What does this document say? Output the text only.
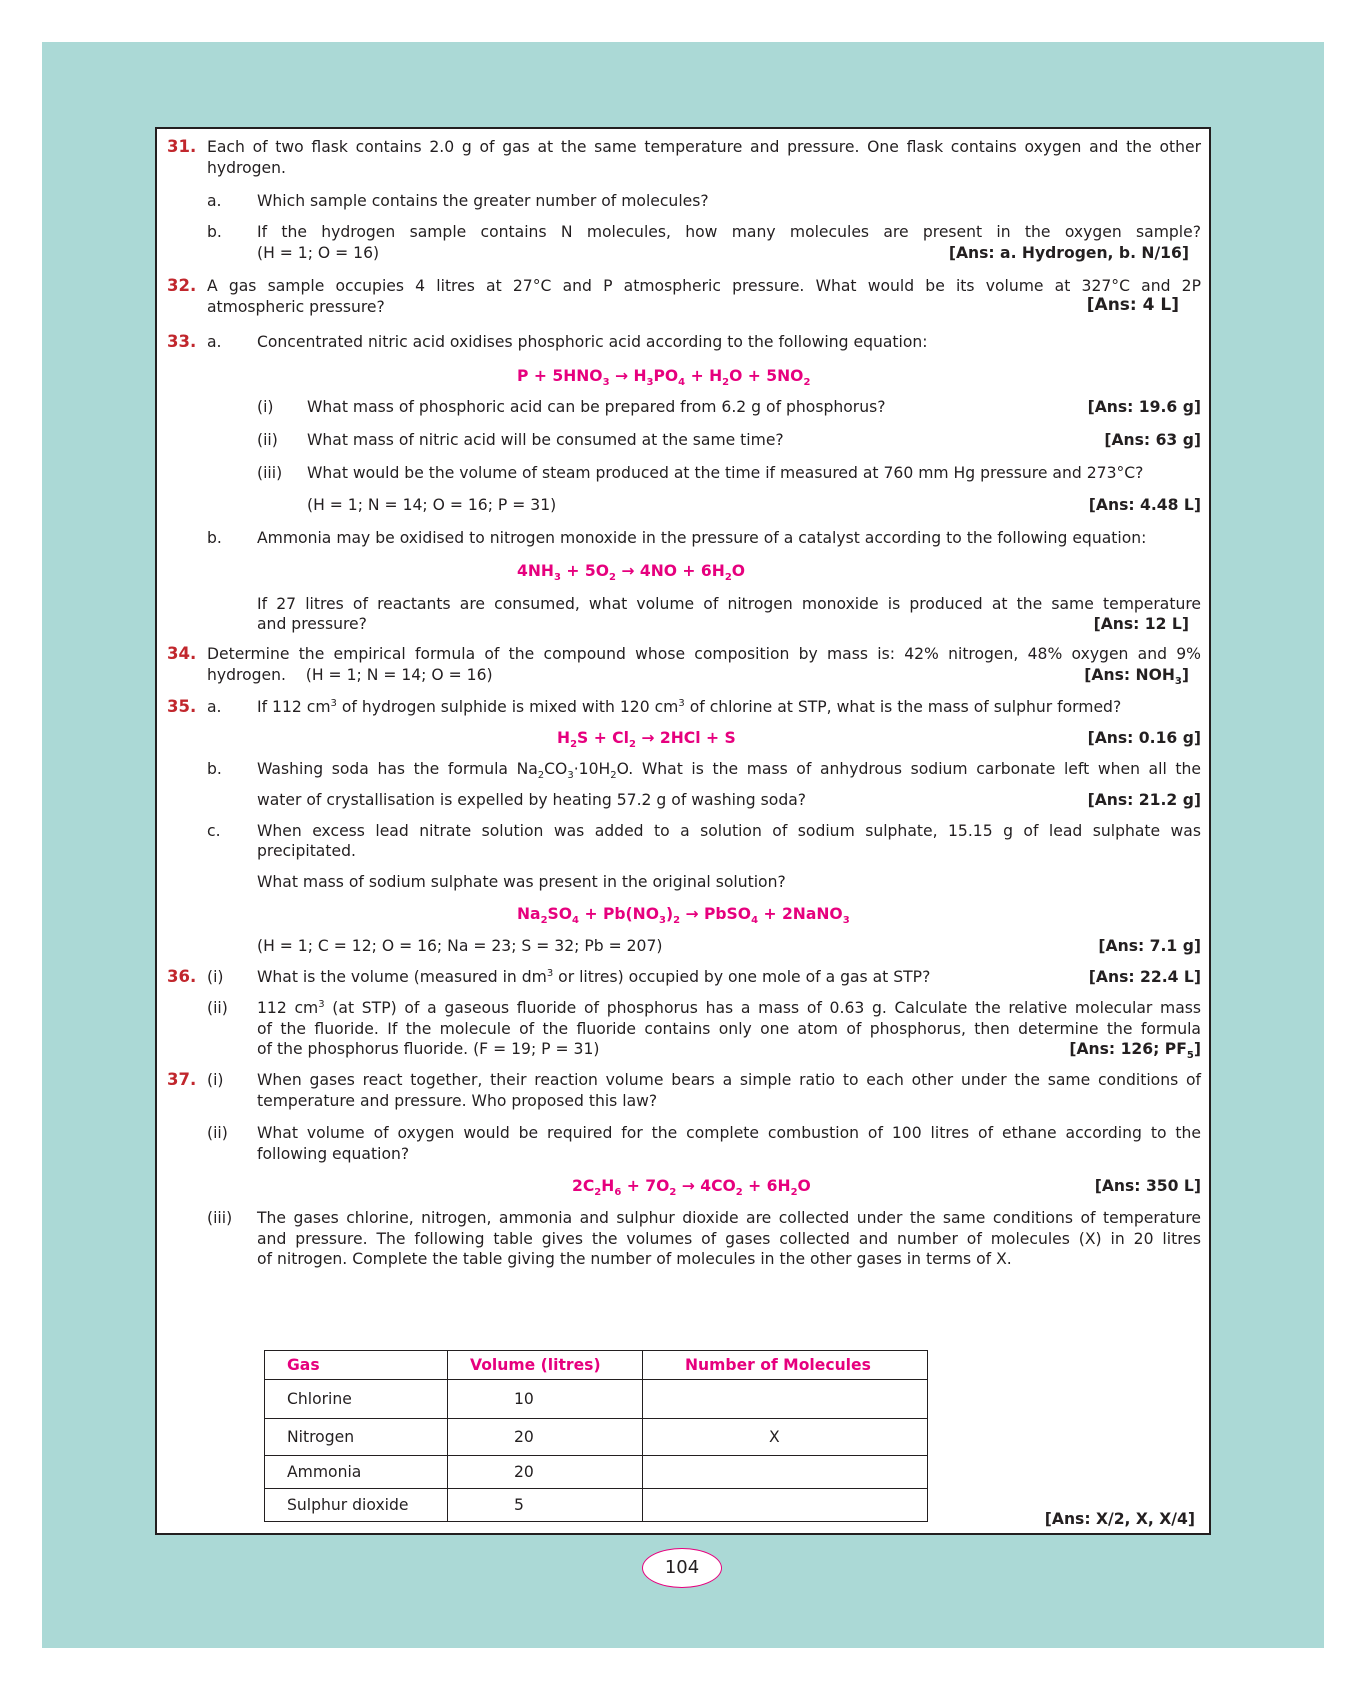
31. Each of two flask contains 2.0 g of gas at the same temperature and pressure. One flask contains oxygen and the other
hydrogen.
a. Which sample contains the greater number of molecules?
b. If the hydrogen sample contains N molecules, how many molecules are present in the oxygen sample?
(H = 1; O = 16)	[Ans: a. Hydrogen, b. N/16]
32. A gas sample occupies 4 litres at 27°C and P atmospheric pressure. What would be its volume at 327°C and 2P
atmospheric pressure?	[Ans: 4 L]
33. a. Concentrated nitric acid oxidises phosphoric acid according to the following equation:
$P + 5HNO_3 \to H_3PO_4 + H_2O + 5NO_2$
(i) What mass of phosphoric acid can be prepared from 6.2 g of phosphorus?	[Ans: 19.6 g]
(ii) What mass of nitric acid will be consumed at the same time?	[Ans: 63 g]
(iii) What would be the volume of steam produced at the time if measured at 760 mm Hg pressure and 273°C?
(H = 1; N = 14; O = 16; P = 31)	[Ans: 4.48 L]
b. Ammonia may be oxidised to nitrogen monoxide in the pressure of a catalyst according to the following equation:
$4NH_3 + 5O_2 \to 4NO + 6H_2O$
If 27 litres of reactants are consumed, what volume of nitrogen monoxide is produced at the same temperature
and pressure?	[Ans: 12 L]
34. Determine the empirical formula of the compound whose composition by mass is: 42% nitrogen, 48% oxygen and 9%
hydrogen.    (H = 1; N = 14; O = 16)	[Ans: $NOH_3$]
35. a. If 112 $cm^3$ of hydrogen sulphide is mixed with 120 $cm^3$ of chlorine at STP, what is the mass of sulphur formed?
$H_2S + Cl_2 \to 2HCl + S$	[Ans: 0.16 g]
b. Washing soda has the formula $Na_2CO_3\cdot 10H_2O$. What is the mass of anhydrous sodium carbonate left when all the
water of crystallisation is expelled by heating 57.2 g of washing soda?	[Ans: 21.2 g]
c. When excess lead nitrate solution was added to a solution of sodium sulphate, 15.15 g of lead sulphate was
precipitated.
What mass of sodium sulphate was present in the original solution?
$Na_2SO_4 + Pb(NO_3)_2$ → PbSO$_4$ + 2NaNO$_3$
(H = 1; C = 12; O = 16; Na = 23; S = 32; Pb = 207)	[Ans: 7.1 g]
36. (i) What is the volume (measured in $dm^3$ or litres) occupied by one mole of a gas at STP?	[Ans: 22.4 L]
(ii) 112 $cm^3$ (at STP) of a gaseous fluoride of phosphorus has a mass of 0.63 g. Calculate the relative molecular mass
of the fluoride. If the molecule of the fluoride contains only one atom of phosphorus, then determine the formula
of the phosphorus fluoride. (F = 19; P = 31)	[Ans: 126; $PF_5$]
37. (i) When gases react together, their reaction volume bears a simple ratio to each other under the same conditions of
temperature and pressure. Who proposed this law?
(ii) What volume of oxygen would be required for the complete combustion of 100 litres of ethane according to the
following equation?
$2C_2H_6 + 7O_2 \to 4CO_2 + 6H_2O$	[Ans: 350 L]
(iii) The gases chlorine, nitrogen, ammonia and sulphur dioxide are collected under the same conditions of temperature
and pressure. The following table gives the volumes of gases collected and number of molecules (X) in 20 litres
of nitrogen. Complete the table giving the number of molecules in the other gases in terms of X.
Gas	Volume (litres)	Number of Molecules
Chlorine	10	
Nitrogen	20	X
Ammonia	20	
Sulphur dioxide	5	
[Ans: X/2, X, X/4]
104
